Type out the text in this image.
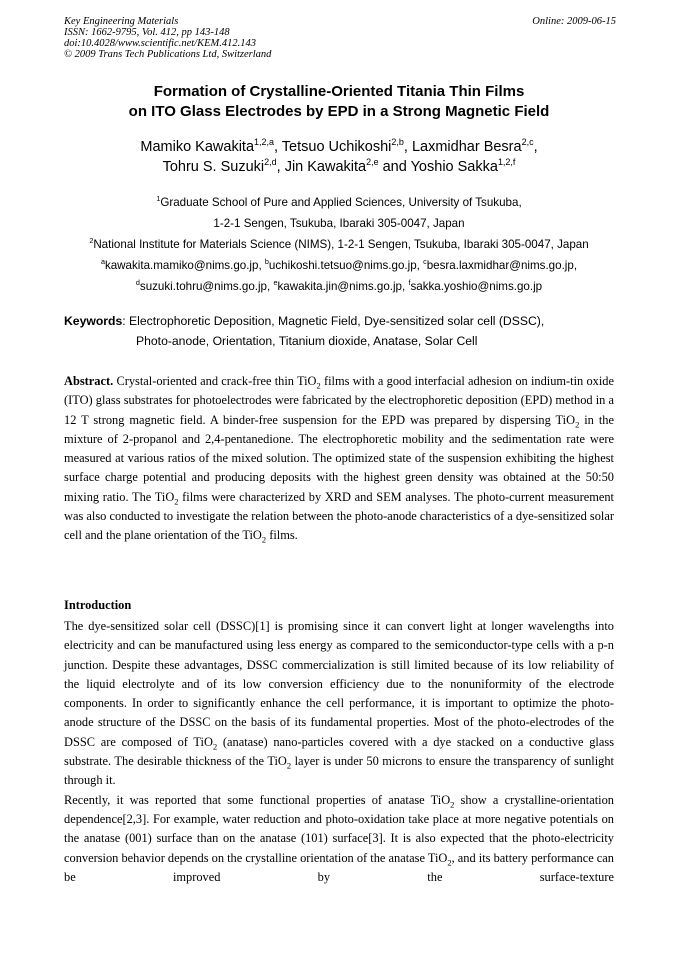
Key Engineering Materials
ISSN: 1662-9795, Vol. 412, pp 143-148
doi:10.4028/www.scientific.net/KEM.412.143
© 2009 Trans Tech Publications Ltd, Switzerland
Online: 2009-06-15
Formation of Crystalline-Oriented Titania Thin Films
on ITO Glass Electrodes by EPD in a Strong Magnetic Field
Mamiko Kawakita$^{1,2,a}$, Tetsuo Uchikoshi$^{2,b}$, Laxmidhar Besra$^{2,c}$,
Tohru S. Suzuki$^{2,d}$, Jin Kawakita$^{2,e}$ and Yoshio Sakka$^{1,2,f}$
$^1$Graduate School of Pure and Applied Sciences, University of Tsukuba,
1-2-1 Sengen, Tsukuba, Ibaraki 305-0047, Japan
$^2$National Institute for Materials Science (NIMS), 1-2-1 Sengen, Tsukuba, Ibaraki 305-0047, Japan
$^a$kawakita.mamiko@nims.go.jp, $^b$uchikoshi.tetsuo@nims.go.jp, $^c$besra.laxmidhar@nims.go.jp,
$^d$suzuki.tohru@nims.go.jp, $^e$kawakita.jin@nims.go.jp, $^f$sakka.yoshio@nims.go.jp
Keywords: Electrophoretic Deposition, Magnetic Field, Dye-sensitized solar cell (DSSC),
Photo-anode, Orientation, Titanium dioxide, Anatase, Solar Cell

Abstract. Crystal-oriented and crack-free thin TiO$_2$ films with a good interfacial adhesion on indium-tin oxide (ITO) glass substrates for photoelectrodes were fabricated by the electrophoretic deposition (EPD) method in a 12 T strong magnetic field. A binder-free suspension for the EPD was prepared by dispersing TiO$_2$ in the mixture of 2-propanol and 2,4-pentanedione. The electrophoretic mobility and the sedimentation rate were measured at various ratios of the mixed solution. The optimized state of the suspension exhibiting the highest surface charge potential and producing deposits with the highest green density was obtained at the 50:50 mixing ratio. The TiO$_2$ films were characterized by XRD and SEM analyses. The photo-current measurement was also conducted to investigate the relation between the photo-anode characteristics of a dye-sensitized solar cell and the plane orientation of the TiO$_2$ films.

Introduction

The dye-sensitized solar cell (DSSC)[1] is promising since it can convert light at longer wavelengths into electricity and can be manufactured using less energy as compared to the semiconductor-type cells with a p-n junction. Despite these advantages, DSSC commercialization is still limited because of its low reliability of the liquid electrolyte and of its low conversion efficiency due to the nonuniformity of the electrode components. In order to significantly enhance the cell performance, it is important to optimize the photo-anode structure of the DSSC on the basis of its fundamental properties. Most of the photo-electrodes of the DSSC are composed of TiO$_2$ (anatase) nano-particles covered with a dye stacked on a conductive glass substrate. The desirable thickness of the TiO$_2$ layer is under 50 microns to ensure the transparency of sunlight through it.

Recently, it was reported that some functional properties of anatase TiO$_2$ show a crystalline-orientation dependence[2,3]. For example, water reduction and photo-oxidation take place at more negative potentials on the anatase (001) surface than on the anatase (101) surface[3]. It is also expected that the photo-electricity conversion behavior depends on the crystalline orientation of the anatase TiO$_2$, and its battery performance can be improved by the surface-texture
